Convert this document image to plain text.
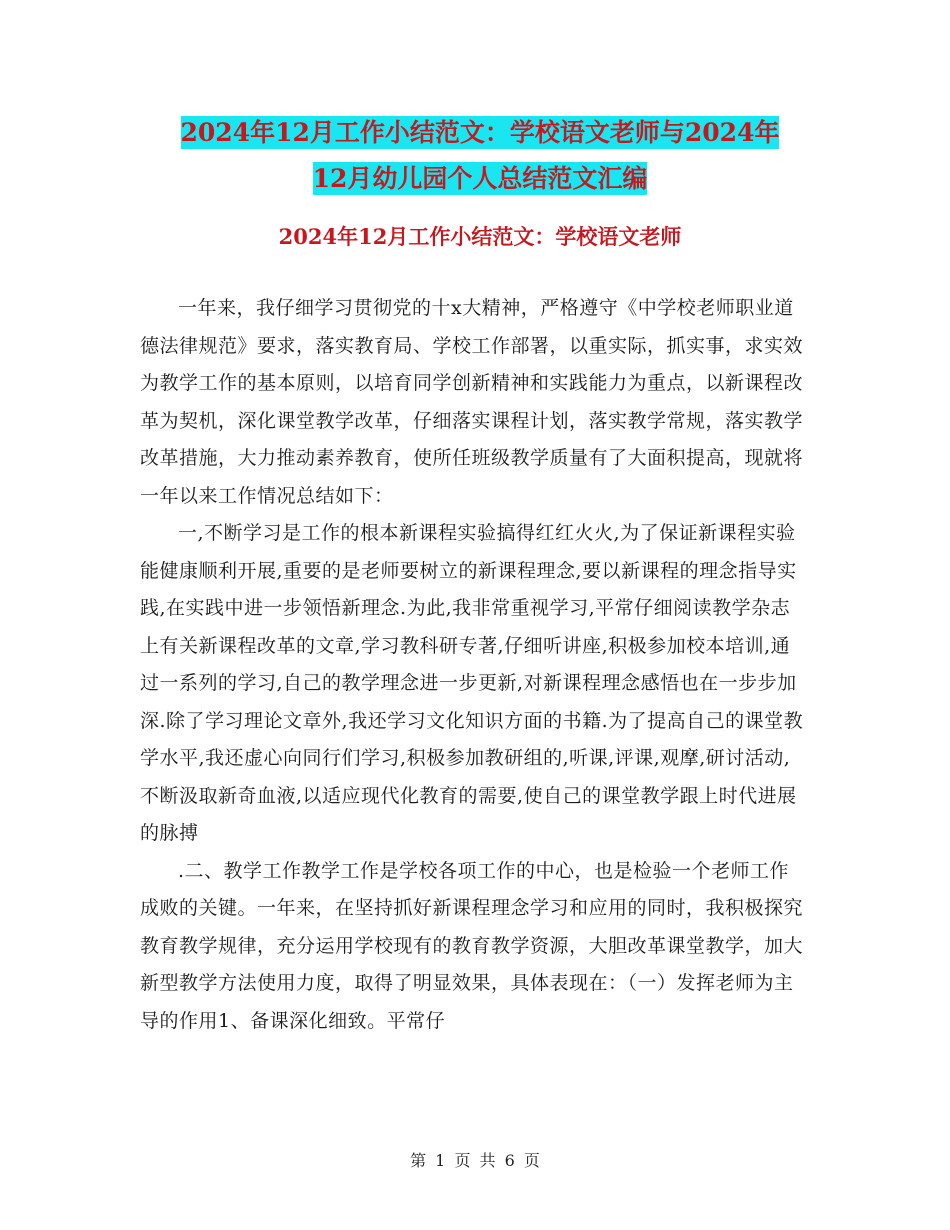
2024年12月工作小结范文：学校语文老师与2024年
12月幼儿园个人总结范文汇编
2024年12月工作小结范文：学校语文老师

一年来，我仔细学习贯彻党的十x大精神，严格遵守《中学校老师职业道德法律规范》要求，落实教育局、学校工作部署，以重实际，抓实事，求实效为教学工作的基本原则，以培育同学创新精神和实践能力为重点，以新课程改革为契机，深化课堂教学改革，仔细落实课程计划，落实教学常规，落实教学改革措施，大力推动素养教育，使所任班级教学质量有了大面积提高，现就将一年以来工作情况总结如下：

一,不断学习是工作的根本新课程实验搞得红红火火,为了保证新课程实验能健康顺利开展,重要的是老师要树立的新课程理念,要以新课程的理念指导实践,在实践中进一步领悟新理念.为此,我非常重视学习,平常仔细阅读教学杂志上有关新课程改革的文章,学习教科研专著,仔细听讲座,积极参加校本培训,通过一系列的学习,自己的教学理念进一步更新,对新课程理念感悟也在一步步加深.除了学习理论文章外,我还学习文化知识方面的书籍.为了提高自己的课堂教学水平,我还虚心向同行们学习,积极参加教研组的,听课,评课,观摩,研讨活动,不断汲取新奇血液,以适应现代化教育的需要,使自己的课堂教学跟上时代进展的脉搏

.二、教学工作教学工作是学校各项工作的中心，也是检验一个老师工作成败的关键。一年来，在坚持抓好新课程理念学习和应用的同时，我积极探究教育教学规律，充分运用学校现有的教育教学资源，大胆改革课堂教学，加大新型教学方法使用力度，取得了明显效果，具体表现在：（一）发挥老师为主导的作用1、备课深化细致。平常仔

第 1 页 共 6 页
